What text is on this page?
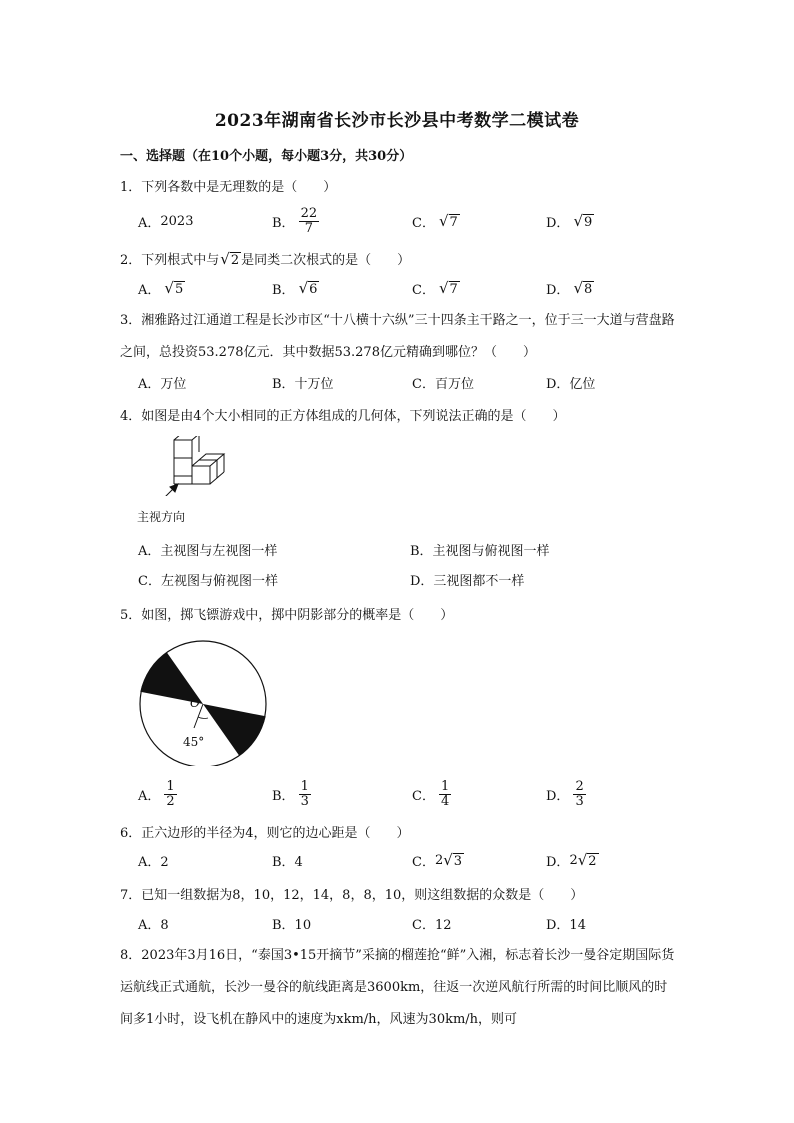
2023年湖南省长沙市长沙县中考数学二模试卷
一、选择题（在10个小题，每小题3分，共30分）
1．下列各数中是无理数的是（　　）
A． 2023	B． $\frac{22}{7}$	C． √ 7	D． √ 9
2．下列根式中与 √ 2 是同类二次根式的是（　　）
A． √ 5	B． √ 6	C． √ 7	D． √ 8
3．湘雅路过江通道工程是长沙市区“十八横十六纵”三十四条主干路之一，位于三一大道与营盘路之间，总投资53.278亿元．其中数据53.278亿元精确到哪位？（　　）
A．万位	B．十万位	C．百万位	D．亿位
4．如图是由4个大小相同的正方体组成的几何体，下列说法正确的是（　　）
主视方向
A．主视图与左视图一样	B．主视图与俯视图一样
C．左视图与俯视图一样	D．三视图都不一样
5．如图，掷飞镖游戏中，掷中阴影部分的概率是（　　）
O
45°
A． $\frac{1}{2}$	B． $\frac{1}{3}$	C． $\frac{1}{4}$	D． $\frac{2}{3}$
6．正六边形的半径为4，则它的边心距是（　　）
A．2	B．4	C． 2 √ 3	D． 2 √ 2
7．已知一组数据为8，10，12，14，8，8，10，则这组数据的众数是（　　）
A．8	B．10	C．12	D．14
8．2023年3月16日，“泰国3•15开摘节”采摘的榴莲抢“鲜”入湘，标志着长沙一曼谷定期国际货运航线正式通航，长沙一曼谷的航线距离是3600km，往返一次逆风航行所需的时间比顺风的时间多1小时，设飞机在静风中的速度为xkm/h，风速为30km/h，则可
